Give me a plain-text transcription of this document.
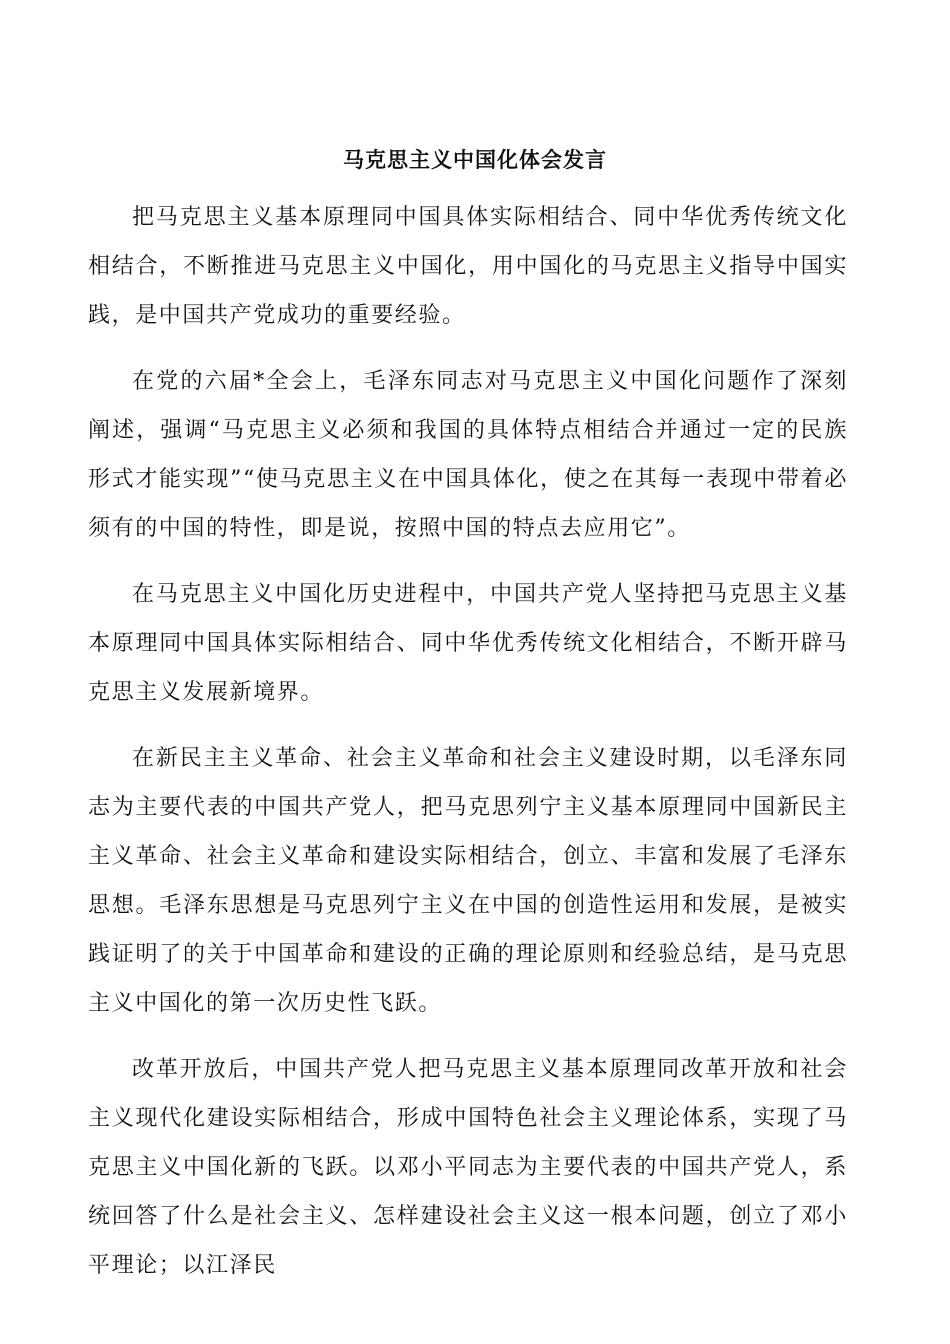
马克思主义中国化体会发言

把马克思主义基本原理同中国具体实际相结合、同中华优秀传统文化相结合，不断推进马克思主义中国化，用中国化的马克思主义指导中国实践，是中国共产党成功的重要经验。

在党的六届*全会上，毛泽东同志对马克思主义中国化问题作了深刻阐述，强调“马克思主义必须和我国的具体特点相结合并通过一定的民族形式才能实现”“使马克思主义在中国具体化，使之在其每一表现中带着必须有的中国的特性，即是说，按照中国的特点去应用它”。

在马克思主义中国化历史进程中，中国共产党人坚持把马克思主义基本原理同中国具体实际相结合、同中华优秀传统文化相结合，不断开辟马克思主义发展新境界。

在新民主主义革命、社会主义革命和社会主义建设时期，以毛泽东同志为主要代表的中国共产党人，把马克思列宁主义基本原理同中国新民主主义革命、社会主义革命和建设实际相结合，创立、丰富和发展了毛泽东思想。毛泽东思想是马克思列宁主义在中国的创造性运用和发展，是被实践证明了的关于中国革命和建设的正确的理论原则和经验总结，是马克思主义中国化的第一次历史性飞跃。

改革开放后，中国共产党人把马克思主义基本原理同改革开放和社会主义现代化建设实际相结合，形成中国特色社会主义理论体系，实现了马克思主义中国化新的飞跃。以邓小平同志为主要代表的中国共产党人，系统回答了什么是社会主义、怎样建设社会主义这一根本问题，创立了邓小平理论；以江泽民
